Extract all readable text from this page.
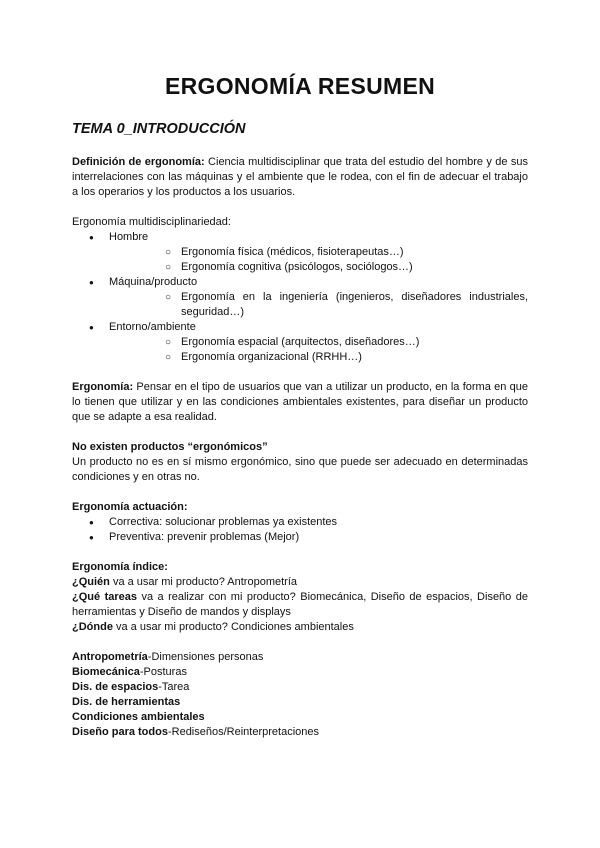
ERGONOMÍA RESUMEN
TEMA 0_INTRODUCCIÓN

Definición de ergonomía: Ciencia multidisciplinar que trata del estudio del hombre y de sus interrelaciones con las máquinas y el ambiente que le rodea, con el fin de adecuar el trabajo a los operarios y los productos a los usuarios.

Ergonomía multidisciplinariedad:

● Hombre
○ Ergonomía física (médicos, fisioterapeutas…)
○ Ergonomía cognitiva (psicólogos, sociólogos…)
● Máquina/producto
○ Ergonomía en la ingeniería (ingenieros, diseñadores industriales, seguridad…)
● Entorno/ambiente
○ Ergonomía espacial (arquitectos, diseñadores…)
○ Ergonomía organizacional (RRHH…)

Ergonomía: Pensar en el tipo de usuarios que van a utilizar un producto, en la forma en que lo tienen que utilizar y en las condiciones ambientales existentes, para diseñar un producto que se adapte a esa realidad.

No existen productos “ergonómicos”

Un producto no es en sí mismo ergonómico, sino que puede ser adecuado en determinadas condiciones y en otras no.

Ergonomía actuación:

● Correctiva: solucionar problemas ya existentes
● Preventiva: prevenir problemas (Mejor)

Ergonomía índice:

¿Quién va a usar mi producto? Antropometría

¿Qué tareas va a realizar con mi producto? Biomecánica, Diseño de espacios, Diseño de herramientas y Diseño de mandos y displays

¿Dónde va a usar mi producto? Condiciones ambientales

Antropometría-Dimensiones personas

Biomecánica-Posturas

Dis. de espacios-Tarea

Dis. de herramientas

Condiciones ambientales

Diseño para todos-Rediseños/Reinterpretaciones
